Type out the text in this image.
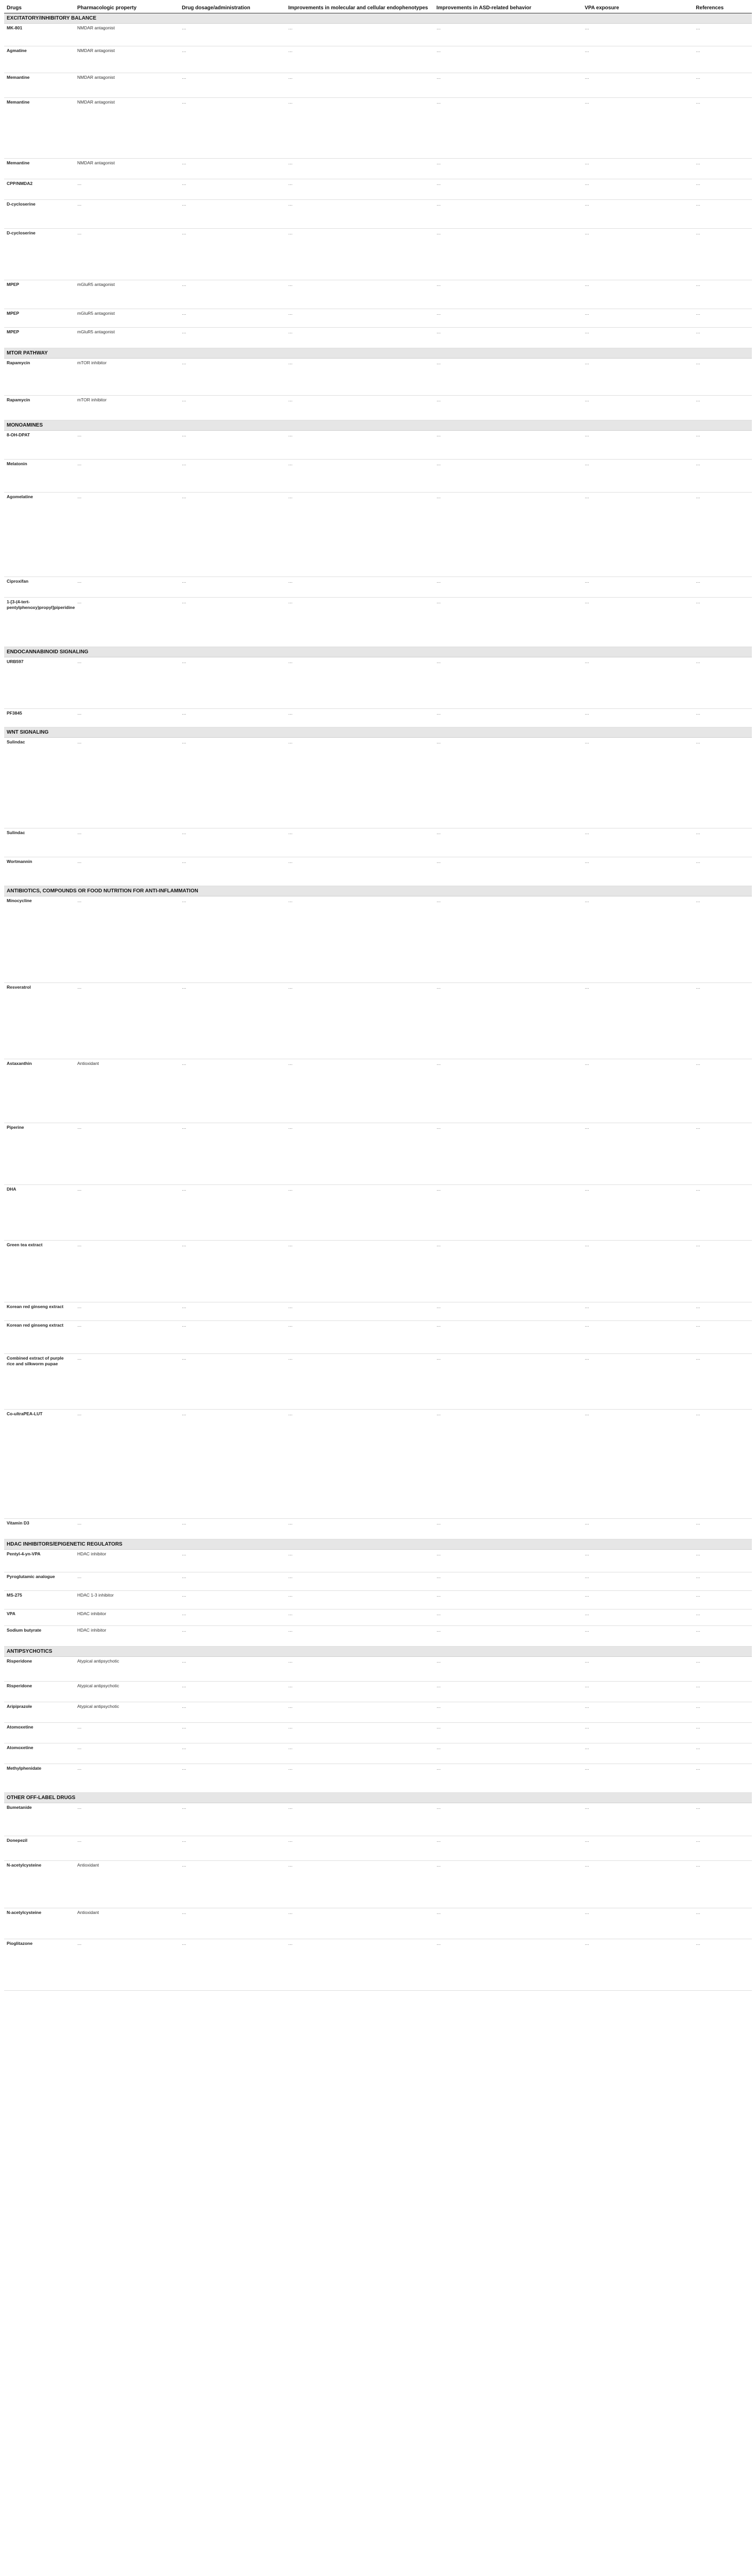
Drugs	Pharmacologic property	Drug dosage/administration	Improvements in molecular and cellular endophenotypes	Improvements in ASD-related behavior	VPA exposure	References
EXCITATORY/INHIBITORY BALANCE						
MK-801	NMDAR antagonist	…	…	…	…	…
Agmatine	NMDAR antagonist	…	…	…	…	…
Memantine	NMDAR antagonist	…	…	…	…	…
Memantine	NMDAR antagonist	…	…	…	…	…
Memantine	NMDAR antagonist	…	…	…	…	…
CPP/NMDA2	…	…	…	…	…	…
D-cycloserine	…	…	…	…	…	…
D-cycloserine	…	…	…	…	…	…
MPEP	mGluR5 antagonist	…	…	…	…	…
MPEP	mGluR5 antagonist	…	…	…	…	…
MPEP	mGluR5 antagonist	…	…	…	…	…
MTOR PATHWAY						
Rapamycin	mTOR inhibitor	…	…	…	…	…
Rapamycin	mTOR inhibitor	…	…	…	…	…
MONOAMINES						
8-OH-DPAT	…	…	…	…	…	…
Melatonin	…	…	…	…	…	…
Agomelatine	…	…	…	…	…	…
Ciproxifan	…	…	…	…	…	…
1-[3-(4-tert-pentylphenoxy)propyl]piperidine	…	…	…	…	…	…
ENDOCANNABINOID SIGNALING						
URB597	…	…	…	…	…	…
PF3845	…	…	…	…	…	…
WNT SIGNALING						
Sulindac	…	…	…	…	…	…
Sulindac	…	…	…	…	…	…
Wortmannin	…	…	…	…	…	…
ANTIBIOTICS, COMPOUNDS OR FOOD NUTRITION FOR ANTI-INFLAMMATION						
Minocycline	…	…	…	…	…	…
Resveratrol	…	…	…	…	…	…
Astaxanthin	Antioxidant	…	…	…	…	…
Piperine	…	…	…	…	…	…
DHA	…	…	…	…	…	…
Green tea extract	…	…	…	…	…	…
Korean red ginseng extract	…	…	…	…	…	…
Korean red ginseng extract	…	…	…	…	…	…
Combined extract of purple rice and silkworm pupae	…	…	…	…	…	…
Co-ultraPEA-LUT	…	…	…	…	…	…
Vitamin D3	…	…	…	…	…	…
HDAC INHIBITORS/EPIGENETIC REGULATORS						
Pentyl-4-yn-VPA	HDAC inhibitor	…	…	…	…	…
Pyroglutamic analogue	…	…	…	…	…	…
MS-275	HDAC 1-3 inhibitor	…	…	…	…	…
VPA	HDAC inhibitor	…	…	…	…	…
Sodium butyrate	HDAC inhibitor	…	…	…	…	…
ANTIPSYCHOTICS						
Risperidone	Atypical antipsychotic	…	…	…	…	…
Risperidone	Atypical antipsychotic	…	…	…	…	…
Aripiprazole	Atypical antipsychotic	…	…	…	…	…
Atomoxetine	…	…	…	…	…	…
Atomoxetine	…	…	…	…	…	…
Methylphenidate	…	…	…	…	…	…
OTHER OFF-LABEL DRUGS						
Bumetanide	…	…	…	…	…	…
Donepezil	…	…	…	…	…	…
N-acetylcysteine	Antioxidant	…	…	…	…	…
N-acetylcysteine	Antioxidant	…	…	…	…	…
Pioglitazone	…	…	…	…	…	…
